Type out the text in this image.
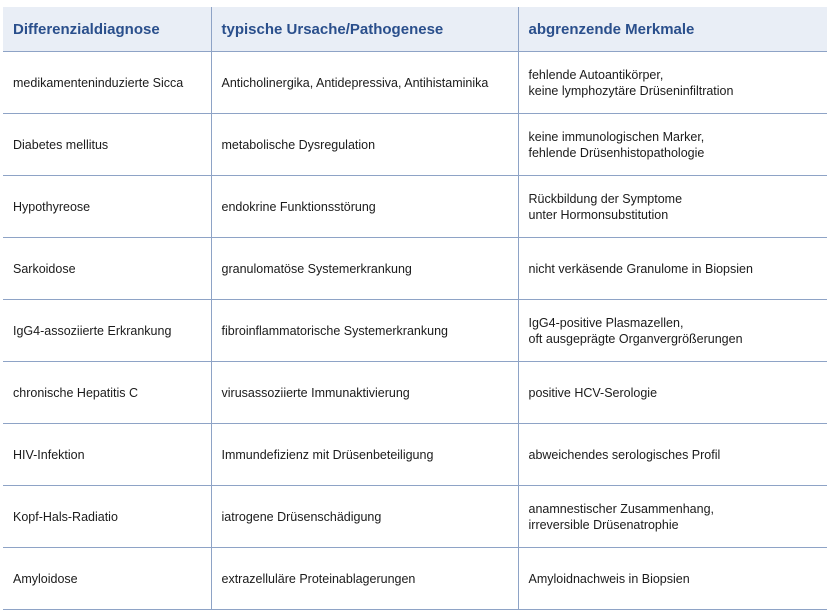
Differenzialdiagnose	typische Ursache/Pathogenese	abgrenzende Merkmale
medikamenteninduzierte Sicca	Anticholinergika, Antidepressiva, Antihistaminika	fehlende Autoantikörper,
keine lymphozytäre Drüseninfiltration

Diabetes mellitus	metabolische Dysregulation	keine immunologischen Marker,
fehlende Drüsenhistopathologie

Hypothyreose	endokrine Funktionsstörung	Rückbildung der Symptome
unter Hormonsubstitution

Sarkoidose	granulomatöse Systemerkrankung	nicht verkäsende Granulome in Biopsien

IgG4-assoziierte Erkrankung	fibroinflammatorische Systemerkrankung	IgG4-positive Plasmazellen,
oft ausgeprägte Organvergrößerungen

chronische Hepatitis C	virusassoziierte Immunaktivierung	positive HCV-Serologie

HIV-Infektion	Immundefizienz mit Drüsenbeteiligung	abweichendes serologisches Profil

Kopf-Hals-Radiatio	iatrogene Drüsenschädigung	anamnestischer Zusammenhang,
irreversible Drüsenatrophie

Amyloidose	extrazelluläre Proteinablagerungen	Amyloidnachweis in Biopsien
